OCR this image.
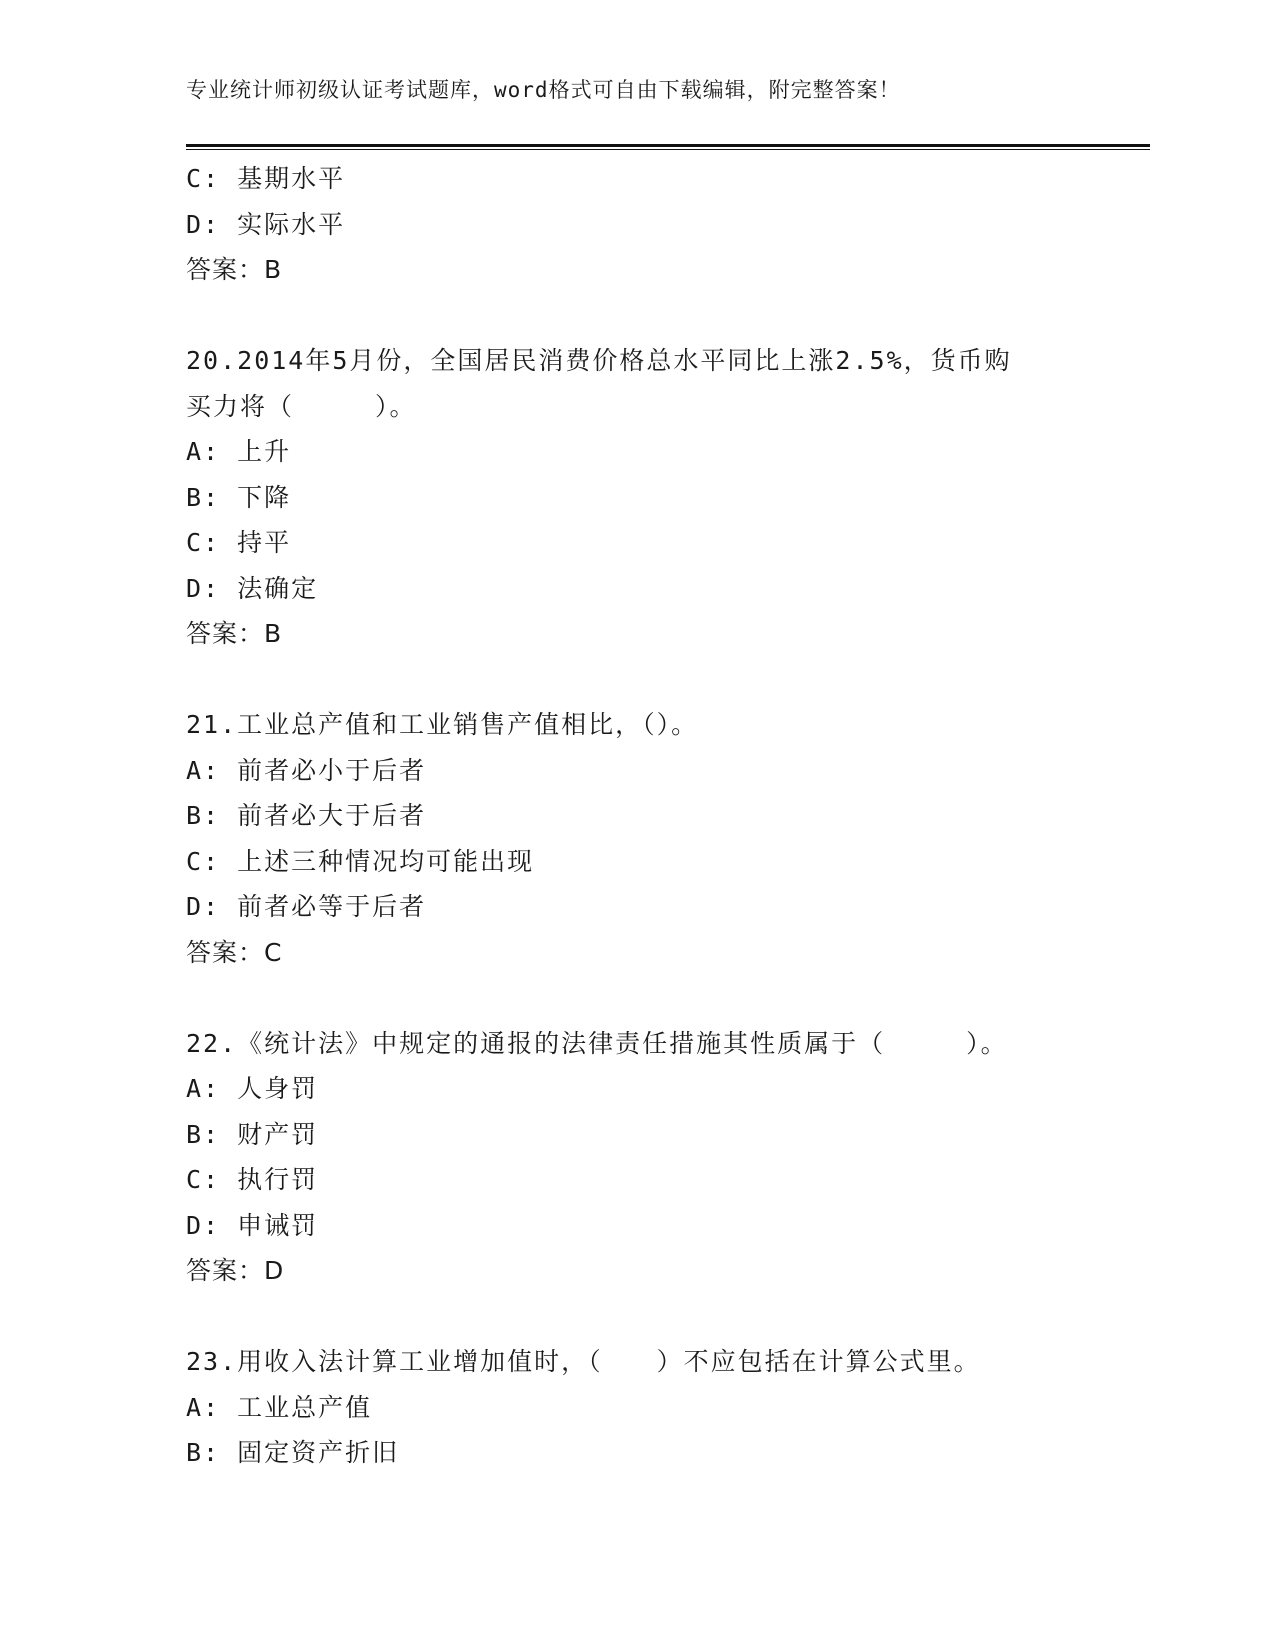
专业统计师初级认证考试题库，word格式可自由下载编辑，附完整答案！
C: 基期水平
D: 实际水平
答案：B
20.2014年5月份，全国居民消费价格总水平同比上涨2.5%，货币购
买力将（　　　）。
A: 上升
B: 下降
C: 持平
D: 法确定
答案：B
21.工业总产值和工业销售产值相比，（）。
A: 前者必小于后者
B: 前者必大于后者
C: 上述三种情况均可能出现
D: 前者必等于后者
答案：C
22.《统计法》中规定的通报的法律责任措施其性质属于（　　　）。
A: 人身罚
B: 财产罚
C: 执行罚
D: 申诫罚
答案：D
23.用收入法计算工业增加值时，（　　）不应包括在计算公式里。
A: 工业总产值
B: 固定资产折旧
